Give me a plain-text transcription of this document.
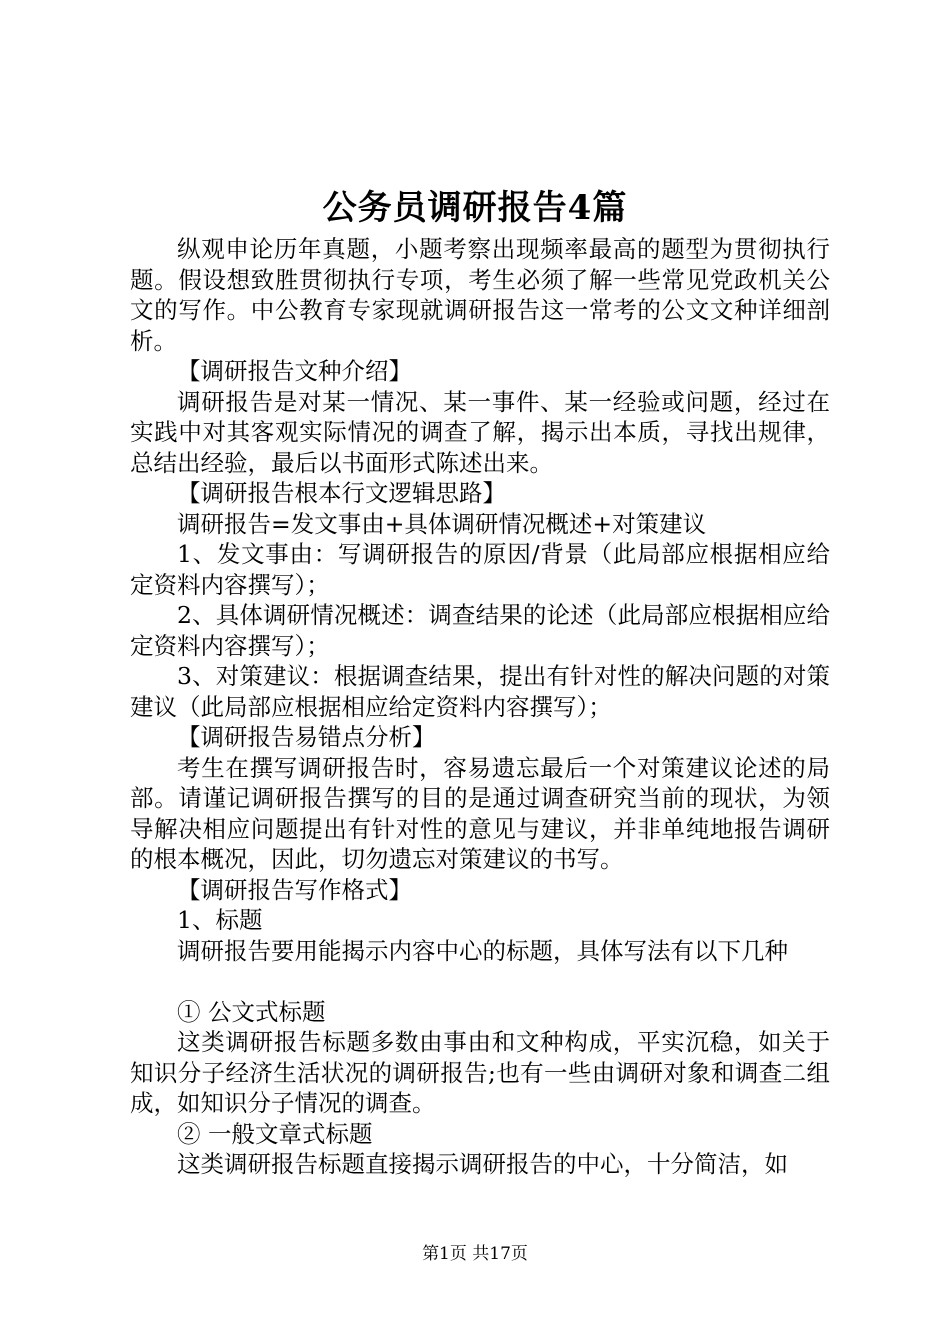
公务员调研报告4篇

纵观申论历年真题，小题考察出现频率最高的题型为贯彻执行题。假设想致胜贯彻执行专项，考生必须了解一些常见党政机关公文的写作。中公教育专家现就调研报告这一常考的公文文种详细剖析。

【调研报告文种介绍】

调研报告是对某一情况、某一事件、某一经验或问题，经过在实践中对其客观实际情况的调查了解，揭示出本质，寻找出规律，总结出经验，最后以书面形式陈述出来。

【调研报告根本行文逻辑思路】

调研报告=发文事由+具体调研情况概述+对策建议

1、发文事由：写调研报告的原因/背景（此局部应根据相应给定资料内容撰写）；

2、具体调研情况概述：调查结果的论述（此局部应根据相应给定资料内容撰写）；

3、对策建议：根据调查结果，提出有针对性的解决问题的对策建议（此局部应根据相应给定资料内容撰写）；

【调研报告易错点分析】

考生在撰写调研报告时，容易遗忘最后一个对策建议论述的局部。请谨记调研报告撰写的目的是通过调查研究当前的现状，为领导解决相应问题提出有针对性的意见与建议，并非单纯地报告调研的根本概况，因此，切勿遗忘对策建议的书写。

【调研报告写作格式】

1、标题

调研报告要用能揭示内容中心的标题，具体写法有以下几种

① 公文式标题

这类调研报告标题多数由事由和文种构成，平实沉稳，如关于知识分子经济生活状况的调研报告;也有一些由调研对象和调查二组成，如知识分子情况的调查。

② 一般文章式标题

这类调研报告标题直接揭示调研报告的中心，十分简洁，如

第1页 共17页
